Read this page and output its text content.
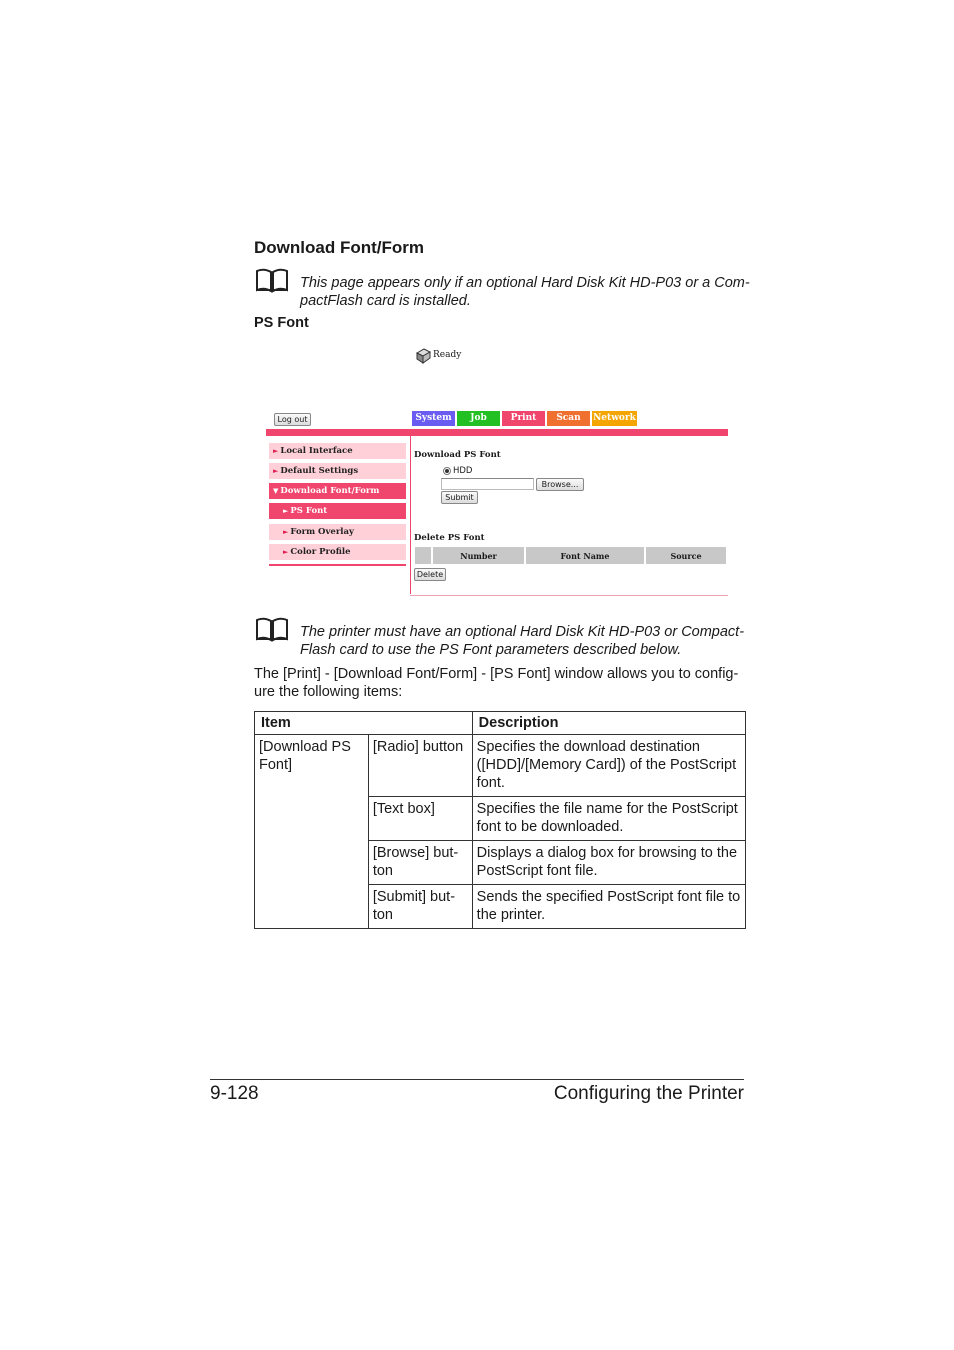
Download Font/Form
This page appears only if an optional Hard Disk Kit HD-P03 or a Com-pactFlash card is installed.
PS Font
Ready
Log out	System	Job	Print	Scan	Network
► Local Interface
► Default Settings
▼ Download Font/Form
► PS Font
► Form Overlay
► Color Profile
Download PS Font
HDD
Browse...
Submit
Delete PS Font
Number	Font Name	Source
Delete
The printer must have an optional Hard Disk Kit HD-P03 or Compact-Flash card to use the PS Font parameters described below.
The [Print] - [Download Font/Form] - [PS Font] window allows you to config-ure the following items:
Item		Description
[Download PS Font]	[Radio] button	Specifies the download destination ([HDD]/[Memory Card]) of the PostScript font.
	[Text box]	Specifies the file name for the PostScript font to be downloaded.
	[Browse] but-ton	Displays a dialog box for browsing to the PostScript font file.
	[Submit] but-ton	Sends the specified PostScript font file to the printer.
9-128	Configuring the Printer
